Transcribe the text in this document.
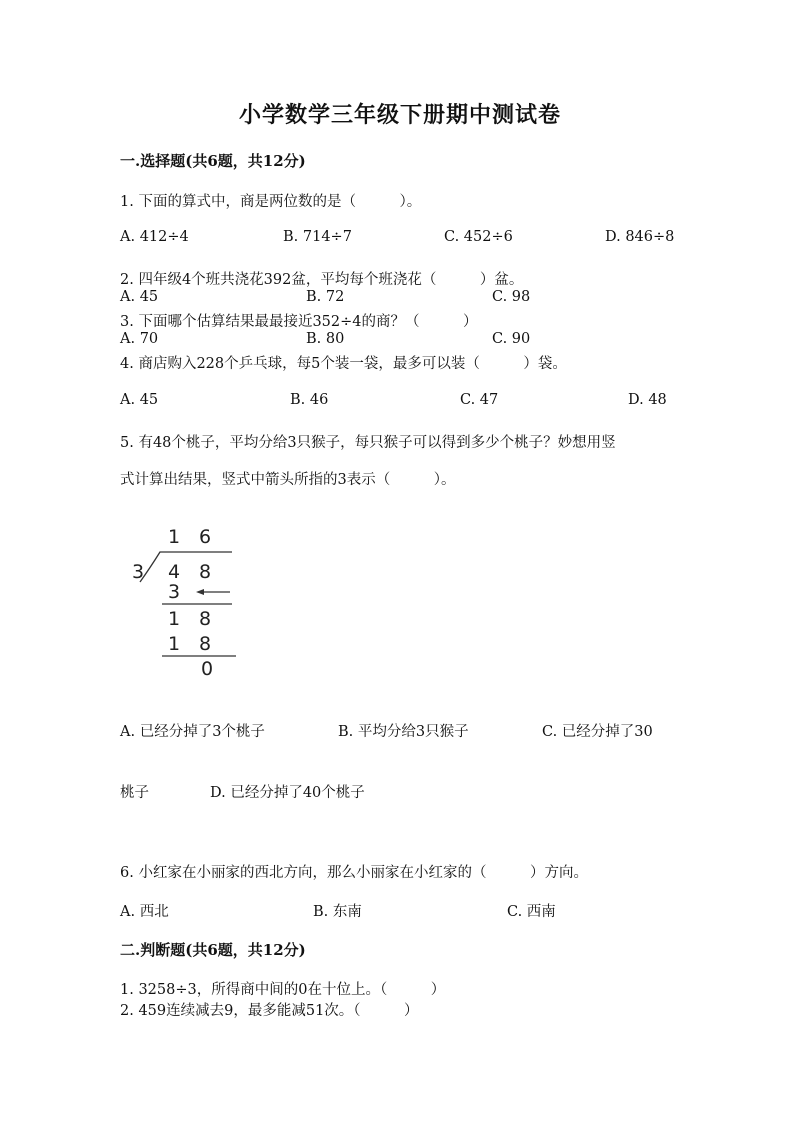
小学数学三年级下册期中测试卷
一.选择题(共6题，共12分)
1. 下面的算式中，商是两位数的是（　　　）。
A. 412÷4	B. 714÷7	C. 452÷6	D. 846÷8
2. 四年级4个班共浇花392盆，平均每个班浇花（　　　）盆。
A. 45	B. 72	C. 98
3. 下面哪个估算结果最最接近352÷4的商？（　　　）
A. 70	B. 80	C. 90
4. 商店购入228个乒乓球，每5个装一袋，最多可以装（　　　）袋。
A. 45	B. 46	C. 47	D. 48
5. 有48个桃子，平均分给3只猴子，每只猴子可以得到多少个桃子？妙想用竖
式计算出结果，竖式中箭头所指的3表示（　　　）。
1 6
3 4 8
3
1 8
1 8
0
A. 已经分掉了3个桃子	B. 平均分给3只猴子	C. 已经分掉了30
桃子	D. 已经分掉了40个桃子
6. 小红家在小丽家的西北方向，那么小丽家在小红家的（　　　）方向。
A. 西北	B. 东南	C. 西南
二.判断题(共6题，共12分)
1. 3258÷3，所得商中间的0在十位上。（　　　）
2. 459连续减去9，最多能减51次。（　　　）
